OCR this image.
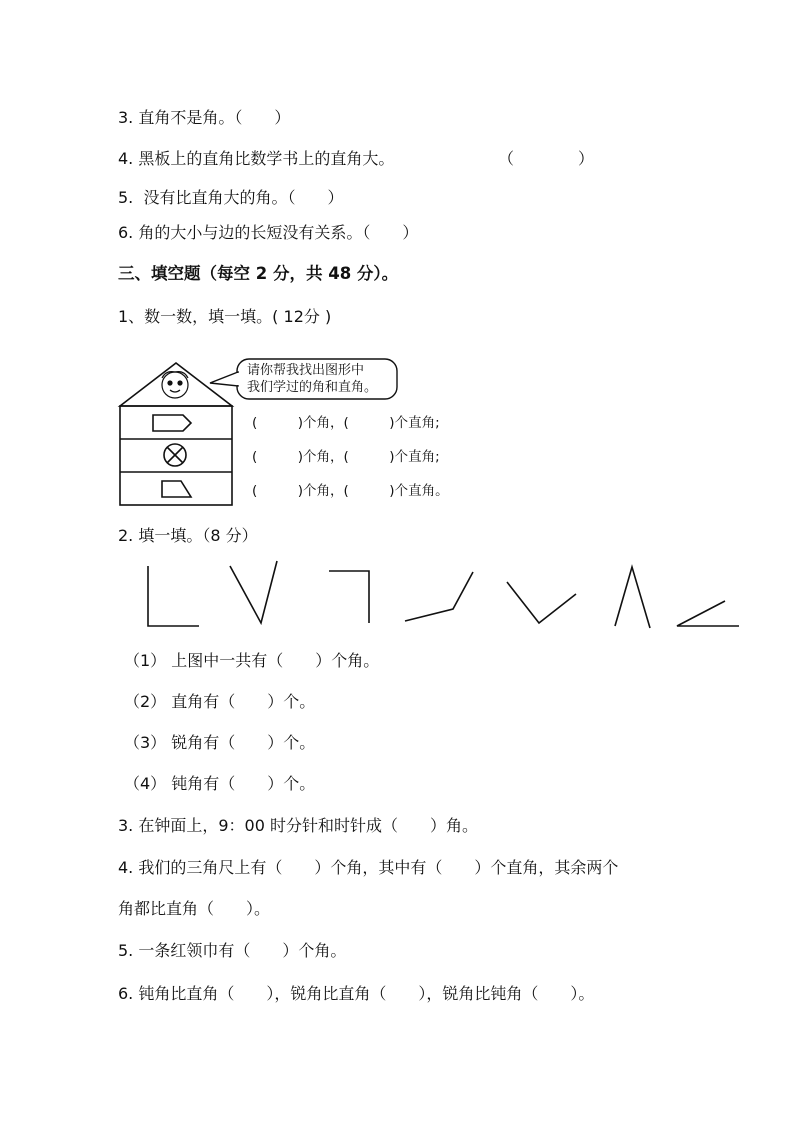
3. 直角不是角。（　　）
4. 黑板上的直角比数学书上的直角大。	（　　　　）
5.  没有比直角大的角。（　　）
6. 角的大小与边的长短没有关系。（　　）
三、填空题（每空 2 分，共 48 分）。
1、数一数，填一填。( 12分 )
请你帮我找出图形中
我们学过的角和直角。
(　　　)个角，(　　　)个直角;
(　　　)个角，(　　　)个直角;
(　　　)个角，(　　　)个直角。
2. 填一填。（8 分）
（1） 上图中一共有（　　）个角。
（2） 直角有（　　）个。
（3） 锐角有（　　）个。
（4） 钝角有（　　）个。
3. 在钟面上，9：00 时分针和时针成（　　）角。
4. 我们的三角尺上有（　　）个角，其中有（　　）个直角，其余两个
角都比直角（　　）。
5. 一条红领巾有（　　）个角。
6. 钝角比直角（　　），锐角比直角（　　），锐角比钝角（　　）。
